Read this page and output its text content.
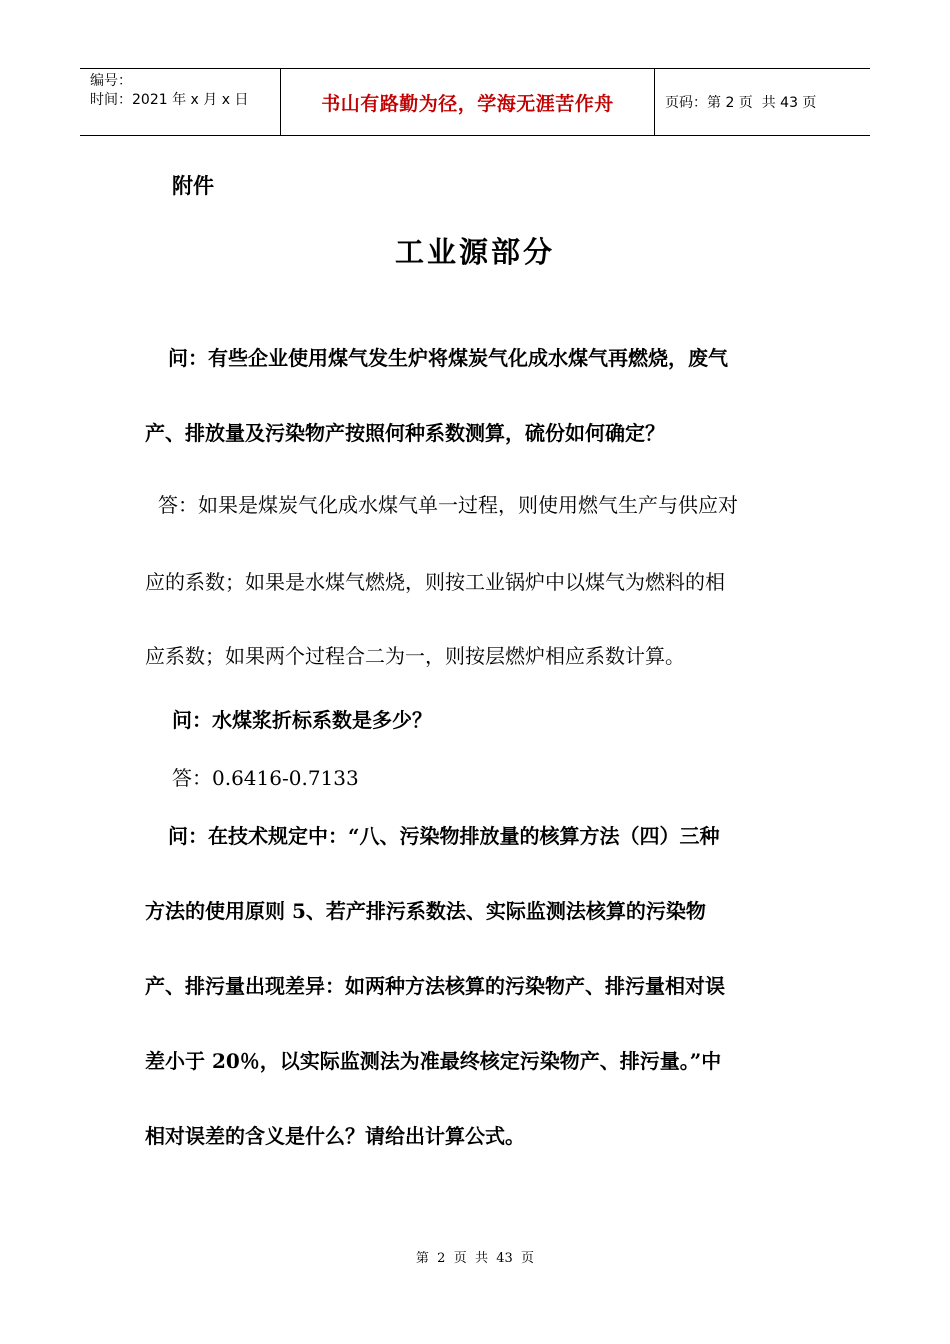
编号：
时间：2021 年 x 月 x 日	书山有路勤为径，学海无涯苦作舟	页码：第 2 页  共 43 页
附件
工业源部分
问：有些企业使用煤气发生炉将煤炭气化成水煤气再燃烧，废气
产、排放量及污染物产按照何种系数测算，硫份如何确定？
答：如果是煤炭气化成水煤气单一过程，则使用燃气生产与供应对
应的系数；如果是水煤气燃烧，则按工业锅炉中以煤气为燃料的相
应系数；如果两个过程合二为一，则按层燃炉相应系数计算。
问：水煤浆折标系数是多少？
答：0.6416-0.7133
问：在技术规定中：“八、污染物排放量的核算方法（四）三种
方法的使用原则 5、若产排污系数法、实际监测法核算的污染物
产、排污量出现差异：如两种方法核算的污染物产、排污量相对误
差小于 20％，以实际监测法为准最终核定污染物产、排污量。”中
相对误差的含义是什么？请给出计算公式。
第  2  页  共  43  页
